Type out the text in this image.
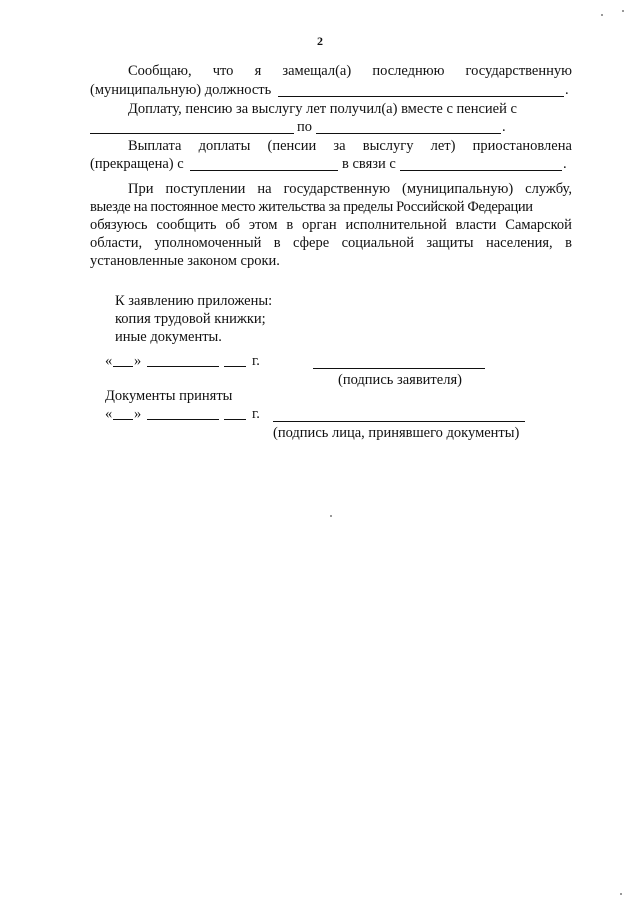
2
Сообщаю, что я замещал(а) последнюю государственную
(муниципальную) должность	.
Доплату, пенсию за выслугу лет получил(а) вместе с пенсией с
по	.
Выплата доплаты (пенсии за выслугу лет) приостановлена
(прекращена) с	в связи с	.
При поступлении на государственную (муниципальную) службу,
выезде на постоянное место жительства за пределы Российской Федерации
обязуюсь сообщить об этом в орган исполнительной власти Самарской
области, уполномоченный в сфере социальной защиты населения, в
установленные законом сроки.
К заявлению приложены:
копия трудовой книжки;
иные документы.
« »	г.
(подпись заявителя)
Документы приняты
« »	г.
(подпись лица, принявшего документы)
